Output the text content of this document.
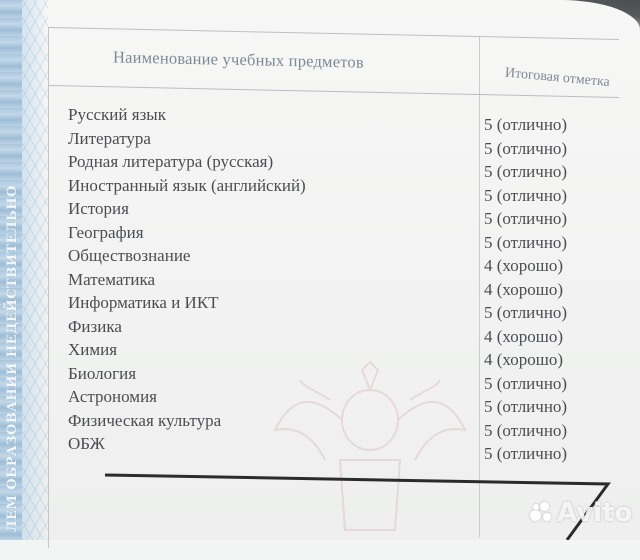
ЛЕМ ОБРАЗОВАНИИ НЕДЕЙСТВИТЕЛЬНО
Наименование учебных предметов
Итоговая отметка
Русский язык
5 (отлично)
Литература
5 (отлично)
Родная литература (русская)
5 (отлично)
Иностранный язык (английский)
5 (отлично)
История
5 (отлично)
География
5 (отлично)
Обществознание
4 (хорошо)
Математика
4 (хорошо)
Информатика и ИКТ
5 (отлично)
Физика
4 (хорошо)
Химия
4 (хорошо)
Биология
5 (отлично)
Астрономия
5 (отлично)
Физическая культура
5 (отлично)
ОБЖ
5 (отлично)
Avito
